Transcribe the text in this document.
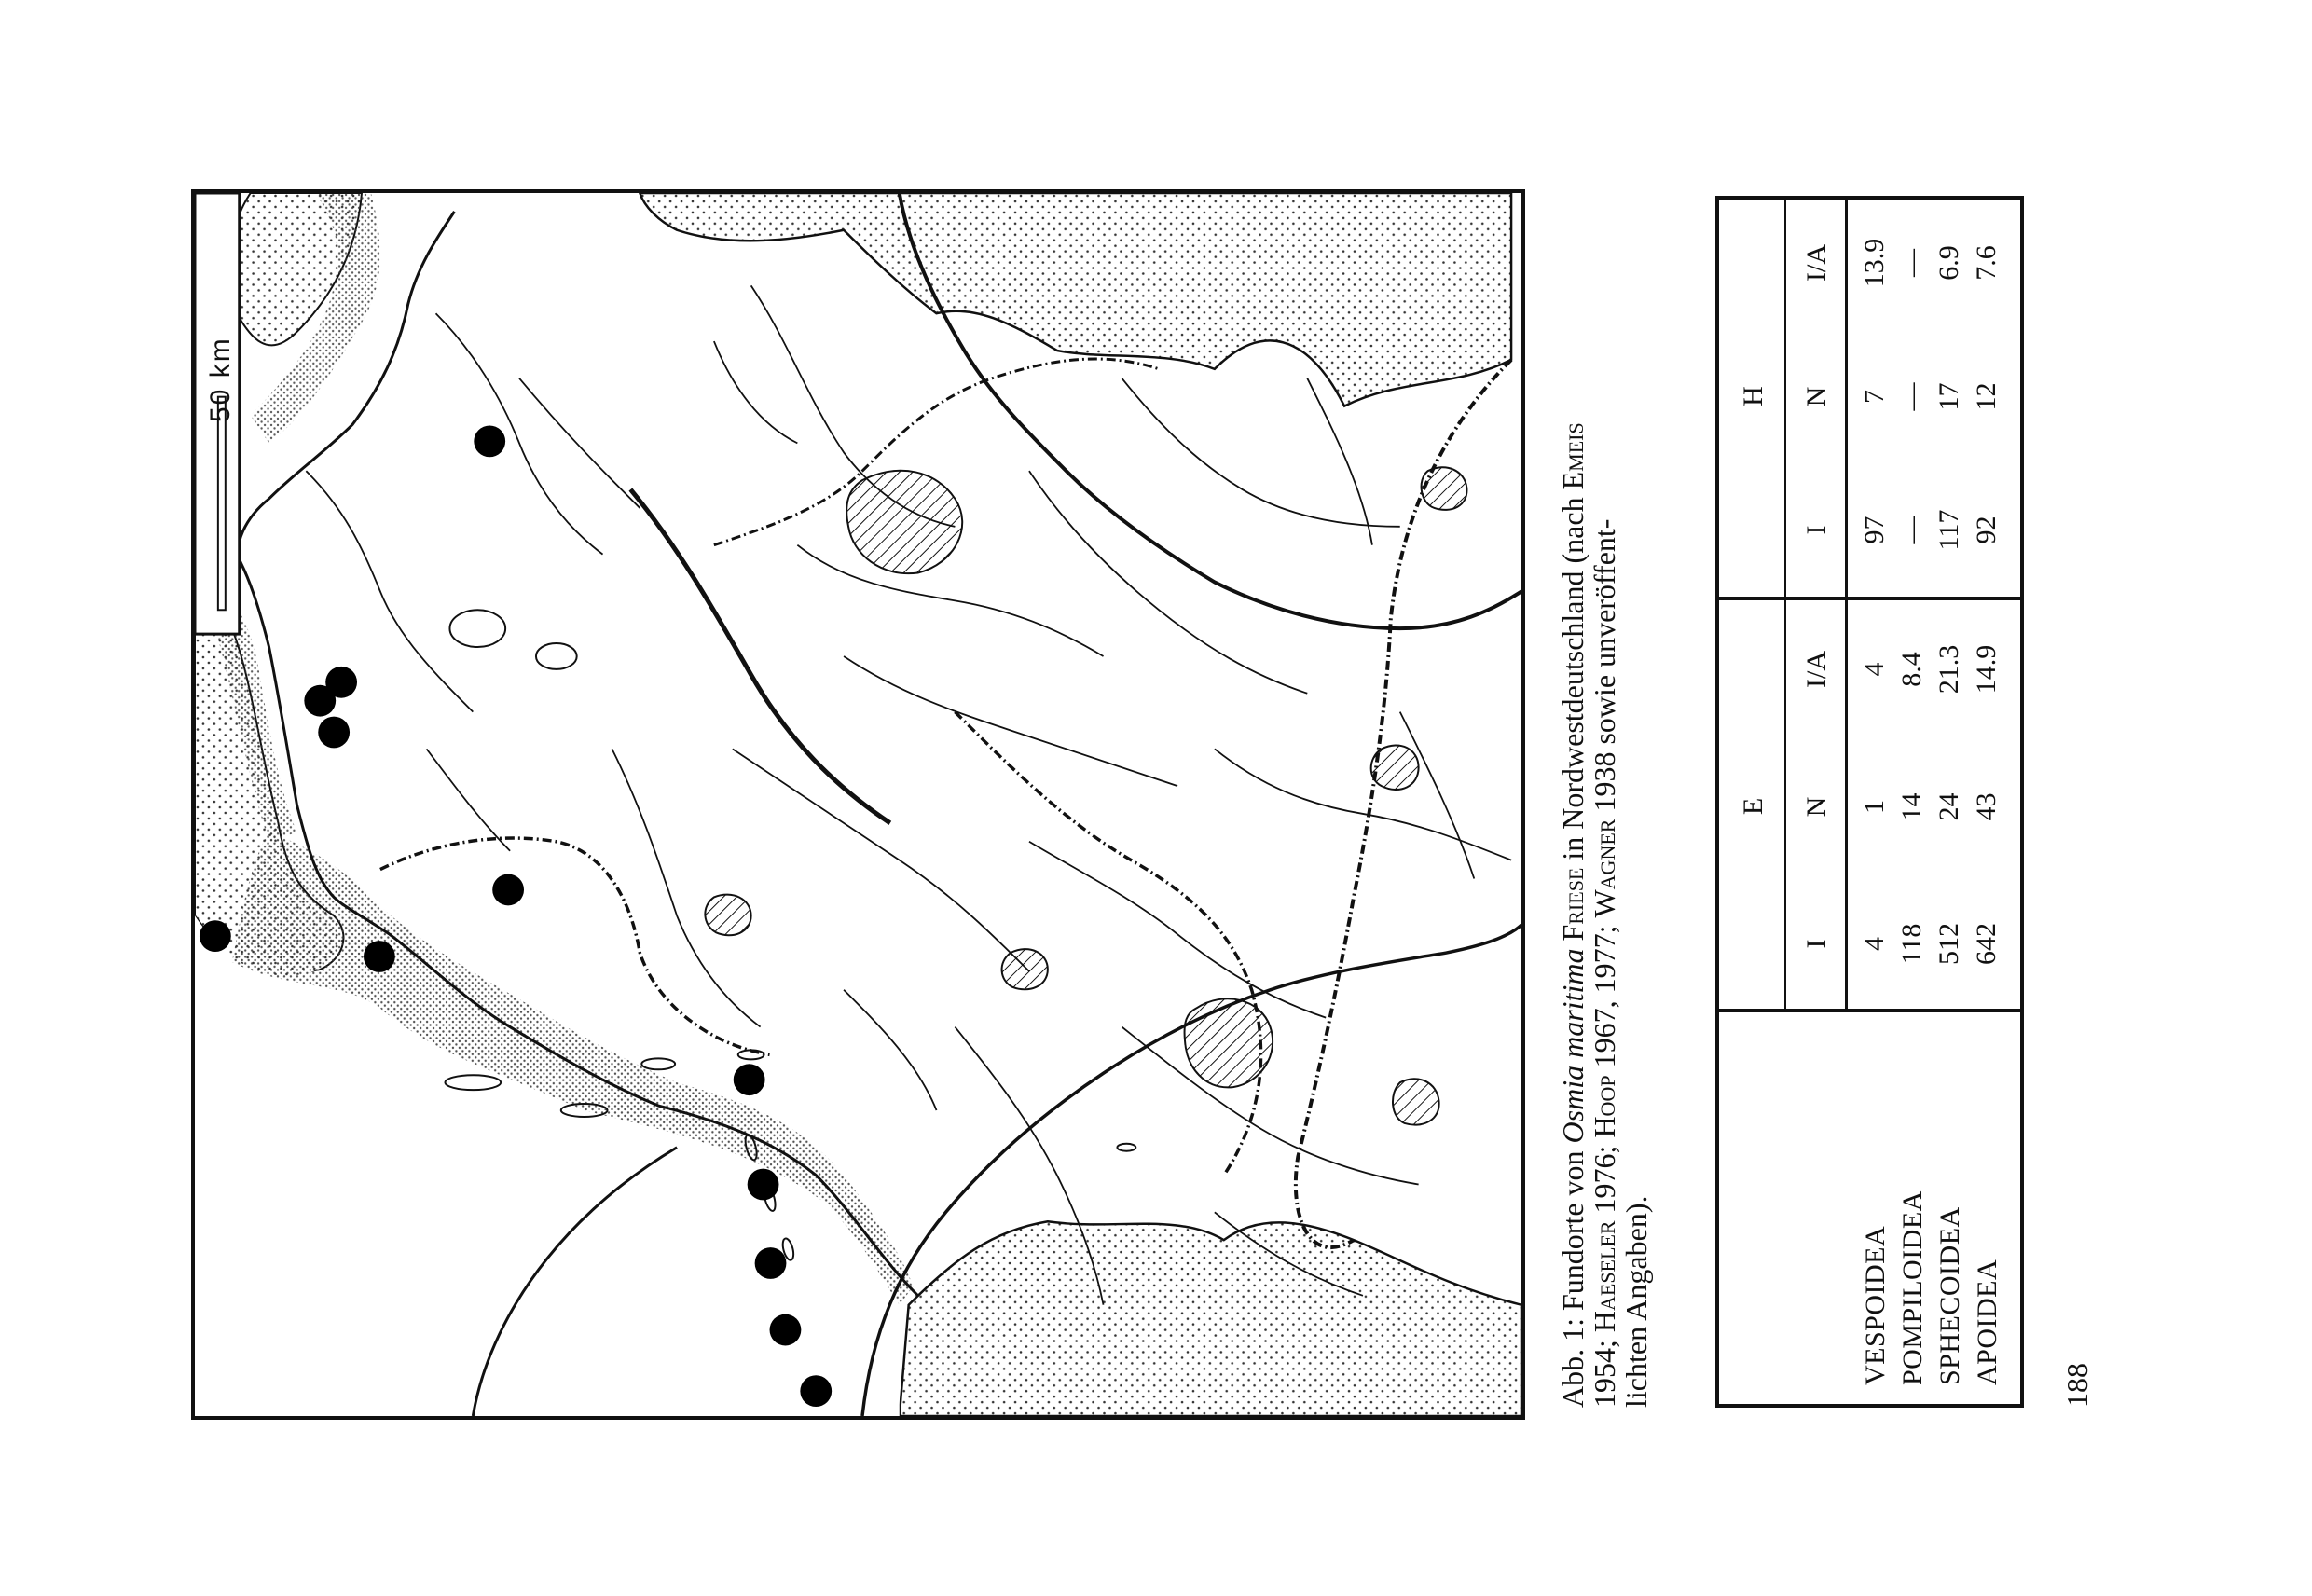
50 km
Abb. 1: Fundorte von Osmia maritima Friese in Nordwestdeutschland (nach Emeis
1954; Haeseler 1976; Hoop 1967, 1977; Wagner 1938 sowie unveröffent-
lichten Angaben).
E
H
I
N
I/A
I
N
I/A
VESPOIDEA
4
1
4
97
7
13.9
POMPILOIDEA
118
14
8.4
—
—
—
SPHECOIDEA
512
24
21.3
117
17
6.9
APOIDEA
642
43
14.9
92
12
7.6
188
